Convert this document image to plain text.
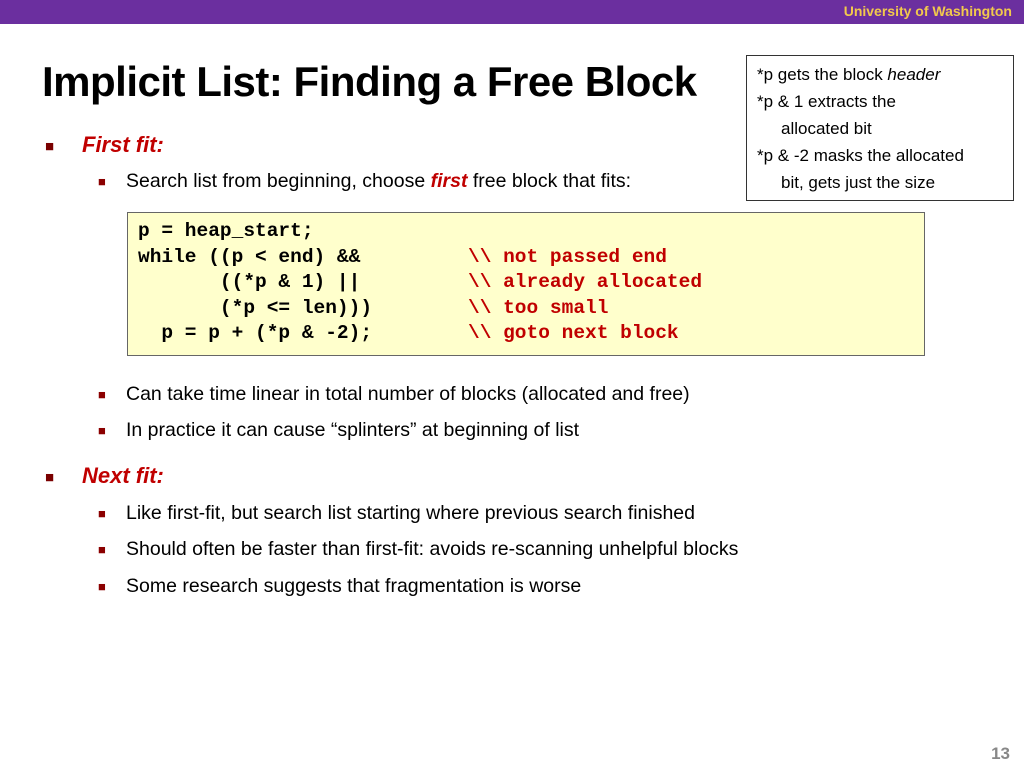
University of Washington
Implicit List: Finding a Free Block	*p gets the block header
*p & 1 extracts the
allocated bit
*p & -2 masks the allocated
bit, gets just the size
■ First fit:
■ Search list from beginning, choose first free block that fits:
p = heap_start;
while ((p < end) &&	\\ not passed end
((*p & 1) ||	\\ already allocated
(*p <= len)))	\\ too small
p = p + (*p & -2);	\\ goto next block
■ Can take time linear in total number of blocks (allocated and free)
■ In practice it can cause “splinters” at beginning of list
■ Next fit:
■ Like first-fit, but search list starting where previous search finished
■ Should often be faster than first-fit: avoids re-scanning unhelpful blocks
■ Some research suggests that fragmentation is worse
13
